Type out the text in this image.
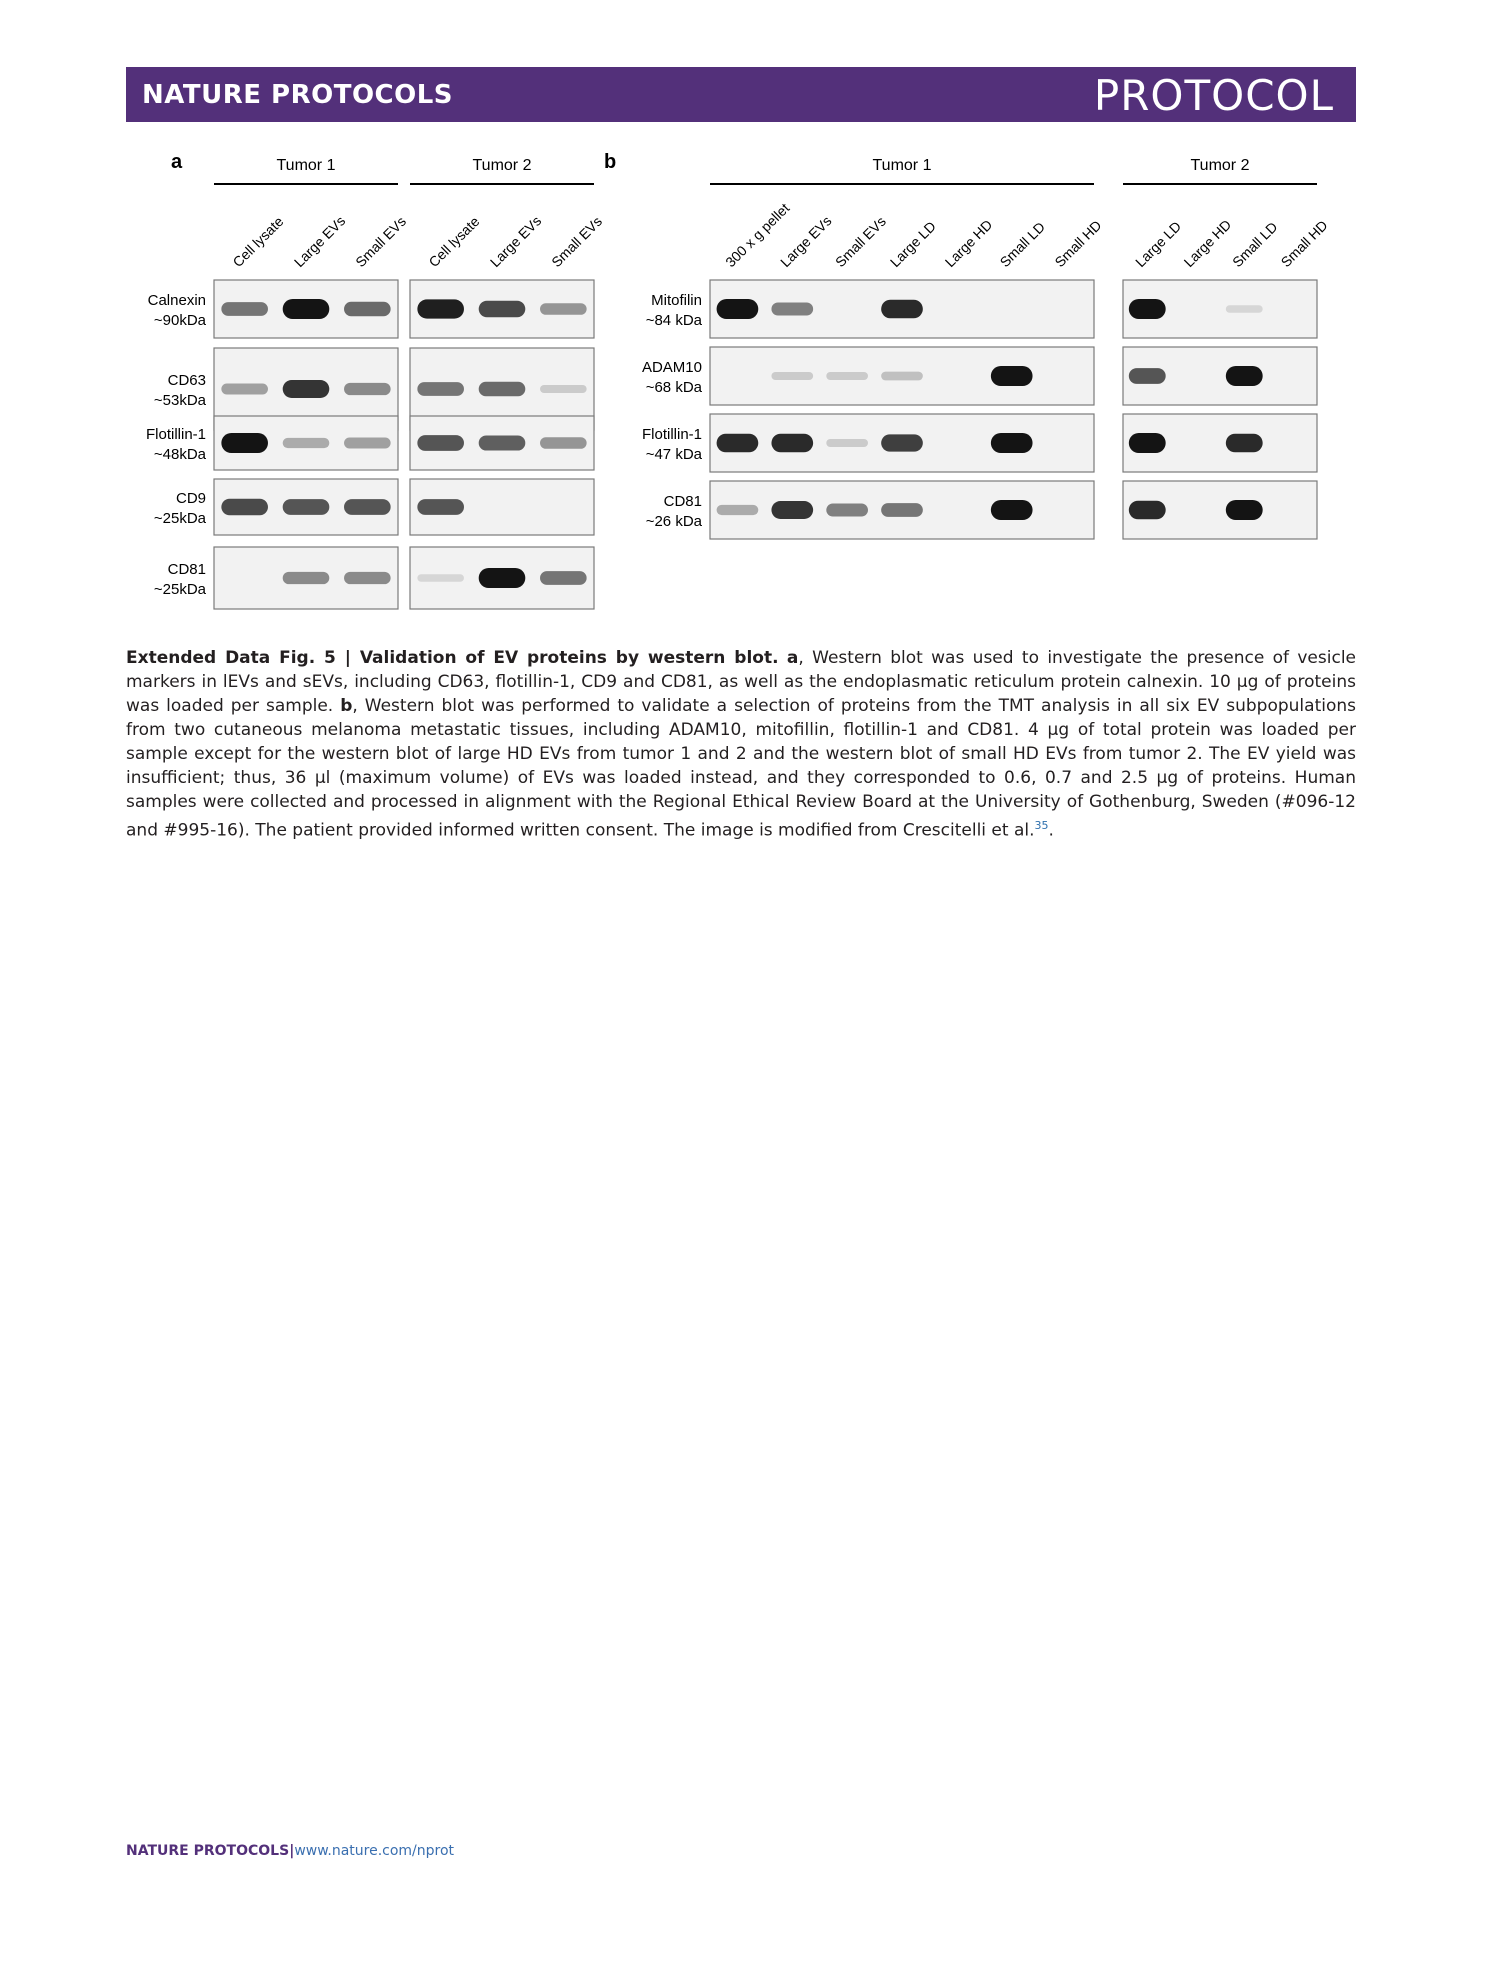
NATURE PROTOCOLS	PROTOCOL
a	Tumor 1
Cell lysate Large EVs Small EVs
Tumor 2
Cell lysate Large EVs Small EVs
Calnexin
~90kDa
CD63
~53kDa
Flotillin-1
~48kDa
CD9
~25kDa
CD81
~25kDa
b	Tumor 1
300 x g pellet
Large EVs
Small EVs
Large LD Large HD Small LD Small HD
Tumor 2
Large LD
Large HD
Small LD
Small HD
Mitofilin
~84 kDa
ADAM10
~68 kDa
Flotillin-1
~47 kDa
CD81
~26 kDa
Extended Data Fig. 5 | Validation of EV proteins by western blot. a, Western blot was used to investigate the presence of vesicle markers in lEVs and sEVs, including CD63, flotillin-1, CD9 and CD81, as well as the endoplasmatic reticulum protein calnexin. 10 μg of proteins was loaded per sample. b, Western blot was performed to validate a selection of proteins from the TMT analysis in all six EV subpopulations from two cutaneous melanoma metastatic tissues, including ADAM10, mitofillin, flotillin-1 and CD81. 4 μg of total protein was loaded per sample except for the western blot of large HD EVs from tumor 1 and 2 and the western blot of small HD EVs from tumor 2. The EV yield was insufficient; thus, 36 μl (maximum volume) of EVs was loaded instead, and they corresponded to 0.6, 0.7 and 2.5 μg of proteins. Human samples were collected and processed in alignment with the Regional Ethical Review Board at the University of Gothenburg, Sweden (#096-12 and #995-16). The patient provided informed written consent. The image is modified from Crescitelli et al.$^{35}$.
NATURE PROTOCOLS|www.nature.com/nprot
